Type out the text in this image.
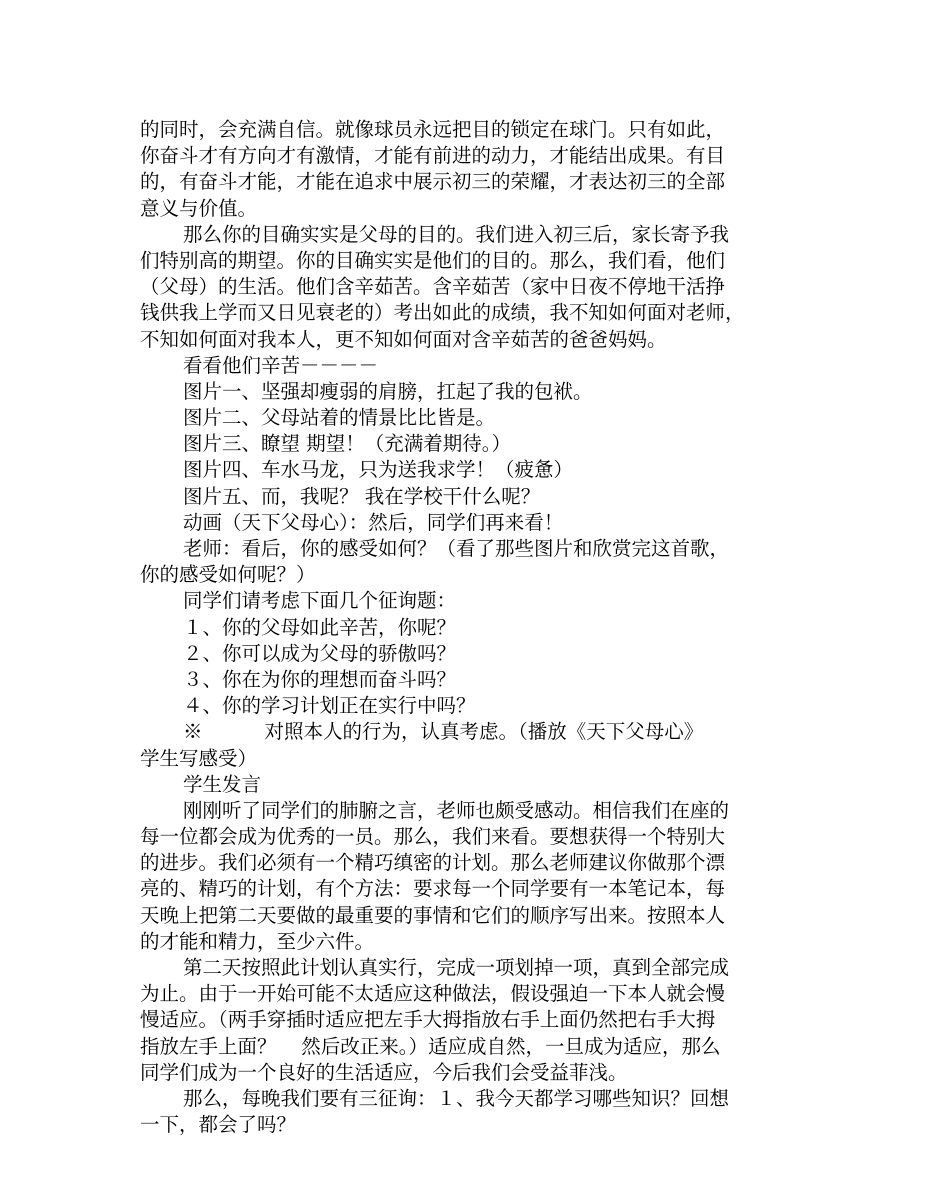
的同时，会充满自信。就像球员永远把目的锁定在球门。只有如此，
你奋斗才有方向才有激情，才能有前进的动力，才能结出成果。有目
的，有奋斗才能，才能在追求中展示初三的荣耀，才表达初三的全部
意义与价值。
那么你的目确实实是父母的目的。我们进入初三后，家长寄予我
们特别高的期望。你的目确实实是他们的目的。那么，我们看，他们
（父母）的生活。他们含辛茹苦。含辛茹苦（家中日夜不停地干活挣
钱供我上学而又日见衰老的）考出如此的成绩，我不知如何面对老师，
不知如何面对我本人，更不知如何面对含辛茹苦的爸爸妈妈。
看看他们辛苦－－－－
图片一、坚强却瘦弱的肩膀，扛起了我的包袱。
图片二、父母站着的情景比比皆是。
图片三、瞭望 期望！（充满着期待。）
图片四、车水马龙，只为送我求学！（疲惫）
图片五、而，我呢？ 我在学校干什么呢？
动画（天下父母心）：然后，同学们再来看！
老师：看后，你的感受如何？（看了那些图片和欣赏完这首歌，
你的感受如何呢？）
同学们请考虑下面几个征询题：
１、你的父母如此辛苦，你呢？
２、你可以成为父母的骄傲吗？
３、你在为你的理想而奋斗吗？
４、你的学习计划正在实行中吗？
※          对照本人的行为，认真考虑。（播放《天下父母心》
学生写感受）
学生发言
刚刚听了同学们的肺腑之言，老师也颇受感动。相信我们在座的
每一位都会成为优秀的一员。那么，我们来看。要想获得一个特别大
的进步。我们必须有一个精巧缜密的计划。那么老师建议你做那个漂
亮的、精巧的计划，有个方法：要求每一个同学要有一本笔记本，每
天晚上把第二天要做的最重要的事情和它们的顺序写出来。按照本人
的才能和精力，至少六件。
第二天按照此计划认真实行，完成一项划掉一项，真到全部完成
为止。由于一开始可能不太适应这种做法，假设强迫一下本人就会慢
慢适应。（两手穿插时适应把左手大拇指放右手上面仍然把右手大拇
指放左手上面？    然后改正来。）适应成自然，一旦成为适应，那么
同学们成为一个良好的生活适应，今后我们会受益菲浅。
那么，每晚我们要有三征询：１、我今天都学习哪些知识？回想
一下，都会了吗？
